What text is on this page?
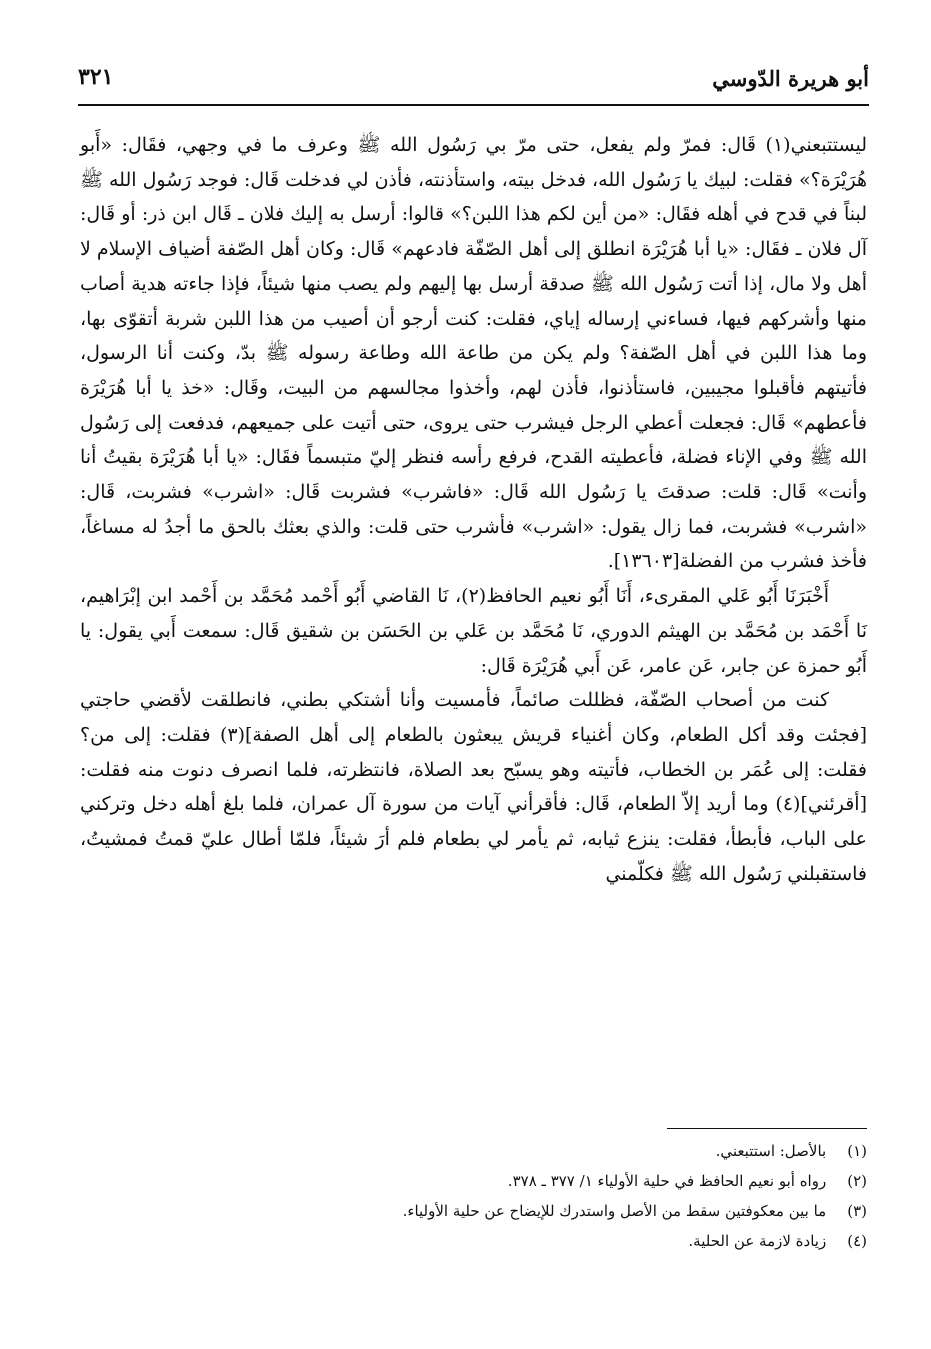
أبو هريرة الدّوسي
٣٢١

ليستتبعني(١) قَال: فمرّ ولم يفعل، حتى مرّ بي رَسُول الله ﷺ وعرف ما في وجهي، فقَال: «أَبو هُرَيْرَة؟» فقلت: لبيك يا رَسُول الله، فدخل بيته، واستأذنته، فأذن لي فدخلت قَال: فوجد رَسُول الله ﷺ لبناً في قدح في أهله فقَال: «من أين لكم هذا اللبن؟» قالوا: أرسل به إليك فلان ـ قَال ابن ذر: أو قَال: آل فلان ـ فقَال: «يا أبا هُرَيْرَة انطلق إلى أهل الصّفّة فادعهم» قَال: وكان أهل الصّفة أضياف الإسلام لا أهل ولا مال، إذا أتت رَسُول الله ﷺ صدقة أرسل بها إليهم ولم يصب منها شيئاً، فإذا جاءته هدية أصاب منها وأشركهم فيها، فساءني إرساله إياي، فقلت: كنت أرجو أن أصيب من هذا اللبن شربة أتقوّى بها، وما هذا اللبن في أهل الصّفة؟ ولم يكن من طاعة الله وطاعة رسوله ﷺ بدّ، وكنت أنا الرسول، فأتيتهم فأقبلوا مجيبين، فاستأذنوا، فأذن لهم، وأخذوا مجالسهم من البيت، وقَال: «خذ يا أبا هُرَيْرَة فأعطهم» قَال: فجعلت أعطي الرجل فيشرب حتى يروى، حتى أتيت على جميعهم، فدفعت إلى رَسُول الله ﷺ وفي الإناء فضلة، فأعطيته القدح، فرفع رأسه فنظر إليّ متبسماً فقَال: «يا أبا هُرَيْرَة بقيتُ أنا وأنت» قَال: قلت: صدقتَ يا رَسُول الله قَال: «فاشرب» فشربت قَال: «اشرب» فشربت، قَال: «اشرب» فشربت، فما زال يقول: «اشرب» فأشرب حتى قلت: والذي بعثك بالحق ما أجدُ له مساغاً، فأخذ فشرب من الفضلة[١٣٦٠٣].

أَخْبَرَنَا أَبُو عَلي المقرىء، أَنَا أَبُو نعيم الحافظ(٢)، نَا القاضي أَبُو أَحْمد مُحَمَّد بن أَحْمد ابن إبْرَاهيم، نَا أَحْمَد بن مُحَمَّد بن الهيثم الدوري، نَا مُحَمَّد بن عَلي بن الحَسَن بن شقيق قَال: سمعت أَبي يقول: يا أَبُو حمزة عن جابر، عَن عامر، عَن أَبي هُرَيْرَة قَال:

كنت من أصحاب الصّفّة، فظللت صائماً، فأمسيت وأنا أشتكي بطني، فانطلقت لأقضي حاجتي [فجئت وقد أكل الطعام، وكان أغنياء قريش يبعثون بالطعام إلى أهل الصفة](٣) فقلت: إلى من؟ فقلت: إلى عُمَر بن الخطاب، فأتيته وهو يسبّح بعد الصلاة، فانتظرته، فلما انصرف دنوت منه فقلت: [أقرئني](٤) وما أريد إلاّ الطعام، قَال: فأقرأني آيات من سورة آل عمران، فلما بلغ أهله دخل وتركني على الباب، فأبطأ، فقلت: ينزع ثيابه، ثم يأمر لي بطعام فلم أرَ شيئاً، فلمّا أطال عليّ قمتُ فمشيتُ، فاستقبلني رَسُول الله ﷺ فكلّمني

(١) بالأصل: استتبعني.

(٢) رواه أبو نعيم الحافظ في حلية الأولياء ١/ ٣٧٧ ـ ٣٧٨.

(٣) ما بين معكوفتين سقط من الأصل واستدرك للإيضاح عن حلية الأولياء.

(٤) زيادة لازمة عن الحلية.
